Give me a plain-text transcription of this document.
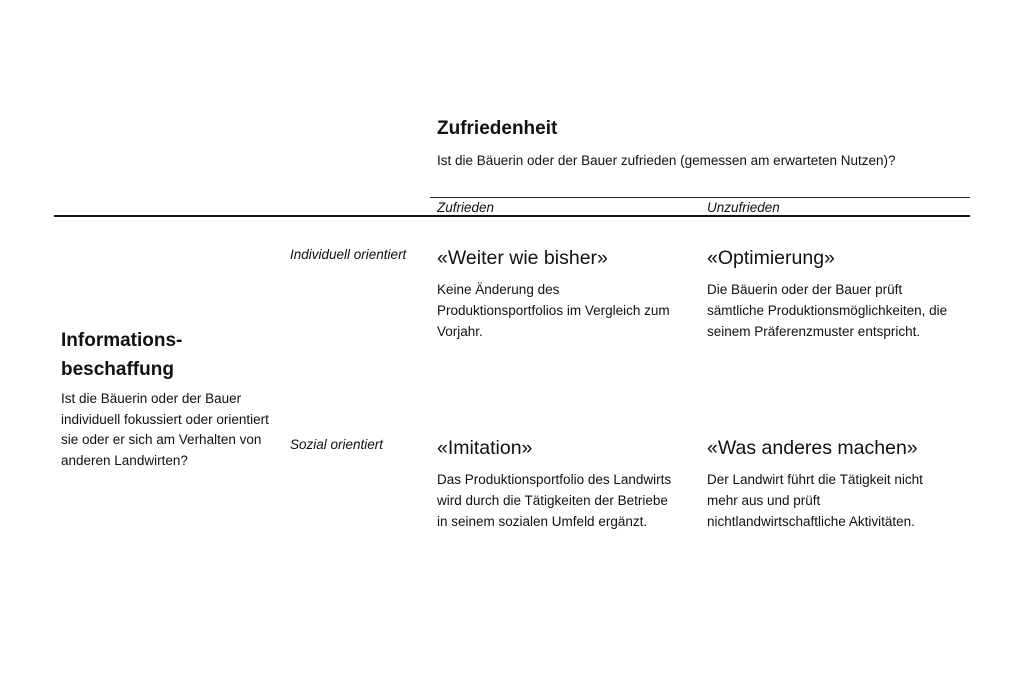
Zufriedenheit
Ist die Bäuerin oder der Bauer zufrieden (gemessen am erwarteten Nutzen)?
Zufrieden	Unzufrieden
Informations-
beschaffung
Ist die Bäuerin oder der Bauer individuell fokussiert oder orientiert sie oder er sich am Verhalten von anderen Landwirten?
Individuell orientiert
Sozial orientiert
«Weiter wie bisher»
Keine Änderung des Produktionsportfolios im Vergleich zum Vorjahr.
«Optimierung»
Die Bäuerin oder der Bauer prüft sämtliche Produktionsmöglichkeiten, die seinem Präferenzmuster entspricht.
«Imitation»
Das Produktionsportfolio des Landwirts wird durch die Tätigkeiten der Betriebe in seinem sozialen Umfeld ergänzt.
«Was anderes machen»
Der Landwirt führt die Tätigkeit nicht mehr aus und prüft nichtlandwirtschaftliche Aktivitäten.
